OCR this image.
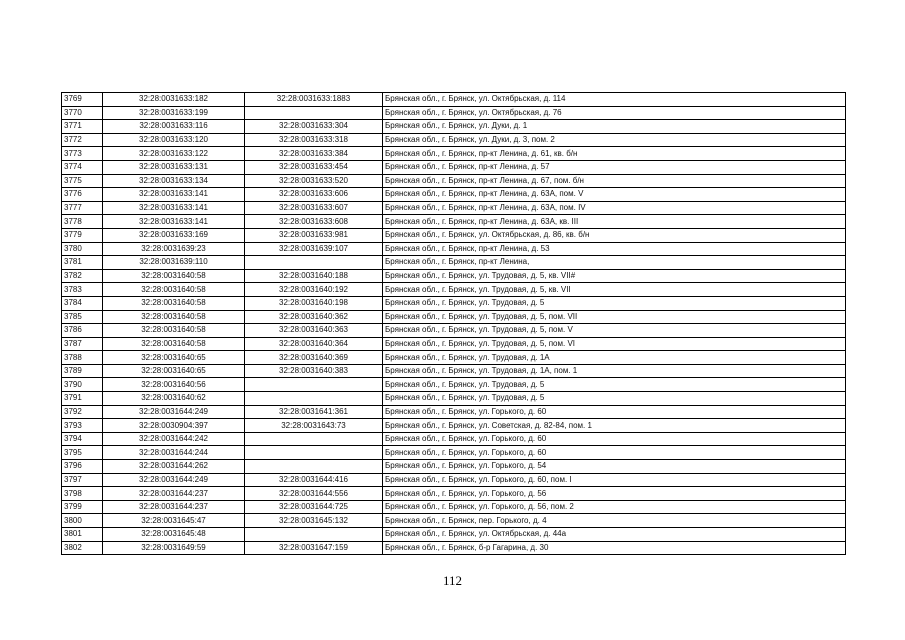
3769	32:28:0031633:182	32:28:0031633:1883	Брянская обл., г. Брянск, ул. Октябрьская, д. 114
3770	32:28:0031633:199		Брянская обл., г. Брянск, ул. Октябрьская, д. 76
3771	32:28:0031633:116	32:28:0031633:304	Брянская обл., г. Брянск, ул. Дуки, д. 1
3772	32:28:0031633:120	32:28:0031633:318	Брянская обл., г. Брянск, ул. Дуки, д. 3, пом. 2
3773	32:28:0031633:122	32:28:0031633:384	Брянская обл., г. Брянск, пр-кт Ленина, д. 61, кв. б/н
3774	32:28:0031633:131	32:28:0031633:454	Брянская обл., г. Брянск, пр-кт Ленина, д. 57
3775	32:28:0031633:134	32:28:0031633:520	Брянская обл., г. Брянск, пр-кт Ленина, д. 67, пом. б/н
3776	32:28:0031633:141	32:28:0031633:606	Брянская обл., г. Брянск, пр-кт Ленина, д. 63А, пом. V
3777	32:28:0031633:141	32:28:0031633:607	Брянская обл., г. Брянск, пр-кт Ленина, д. 63А, пом. IV
3778	32:28:0031633:141	32:28:0031633:608	Брянская обл., г. Брянск, пр-кт Ленина, д. 63А, кв. III
3779	32:28:0031633:169	32:28:0031633:981	Брянская обл., г. Брянск, ул. Октябрьская, д. 86, кв. б/н
3780	32:28:0031639:23	32:28:0031639:107	Брянская обл., г. Брянск, пр-кт Ленина, д. 53
3781	32:28:0031639:110		Брянская обл., г. Брянск, пр-кт Ленина,
3782	32:28:0031640:58	32:28:0031640:188	Брянская обл., г. Брянск, ул. Трудовая, д. 5, кв. VII#
3783	32:28:0031640:58	32:28:0031640:192	Брянская обл., г. Брянск, ул. Трудовая, д. 5, кв. VII
3784	32:28:0031640:58	32:28:0031640:198	Брянская обл., г. Брянск, ул. Трудовая, д. 5
3785	32:28:0031640:58	32:28:0031640:362	Брянская обл., г. Брянск, ул. Трудовая, д. 5, пом. VII
3786	32:28:0031640:58	32:28:0031640:363	Брянская обл., г. Брянск, ул. Трудовая, д. 5, пом. V
3787	32:28:0031640:58	32:28:0031640:364	Брянская обл., г. Брянск, ул. Трудовая, д. 5, пом. VI
3788	32:28:0031640:65	32:28:0031640:369	Брянская обл., г. Брянск, ул. Трудовая, д. 1А
3789	32:28:0031640:65	32:28:0031640:383	Брянская обл., г. Брянск, ул. Трудовая, д. 1А, пом. 1
3790	32:28:0031640:56		Брянская обл., г. Брянск, ул. Трудовая, д. 5
3791	32:28:0031640:62		Брянская обл., г. Брянск, ул. Трудовая, д. 5
3792	32:28:0031644:249	32:28:0031641:361	Брянская обл., г. Брянск, ул. Горького, д. 60
3793	32:28:0030904:397	32:28:0031643:73	Брянская обл., г. Брянск, ул. Советская, д. 82-84, пом. 1
3794	32:28:0031644:242		Брянская обл., г. Брянск, ул. Горького, д. 60
3795	32:28:0031644:244		Брянская обл., г. Брянск, ул. Горького, д. 60
3796	32:28:0031644:262		Брянская обл., г. Брянск, ул. Горького, д. 54
3797	32:28:0031644:249	32:28:0031644:416	Брянская обл., г. Брянск, ул. Горького, д. 60, пом. I
3798	32:28:0031644:237	32:28:0031644:556	Брянская обл., г. Брянск, ул. Горького, д. 56
3799	32:28:0031644:237	32:28:0031644:725	Брянская обл., г. Брянск, ул. Горького, д. 56, пом. 2
3800	32:28:0031645:47	32:28:0031645:132	Брянская обл., г. Брянск, пер. Горького, д. 4
3801	32:28:0031645:48		Брянская обл., г. Брянск, ул. Октябрьская, д. 44а
3802	32:28:0031649:59	32:28:0031647:159	Брянская обл., г. Брянск, б-р Гагарина, д. 30
112
